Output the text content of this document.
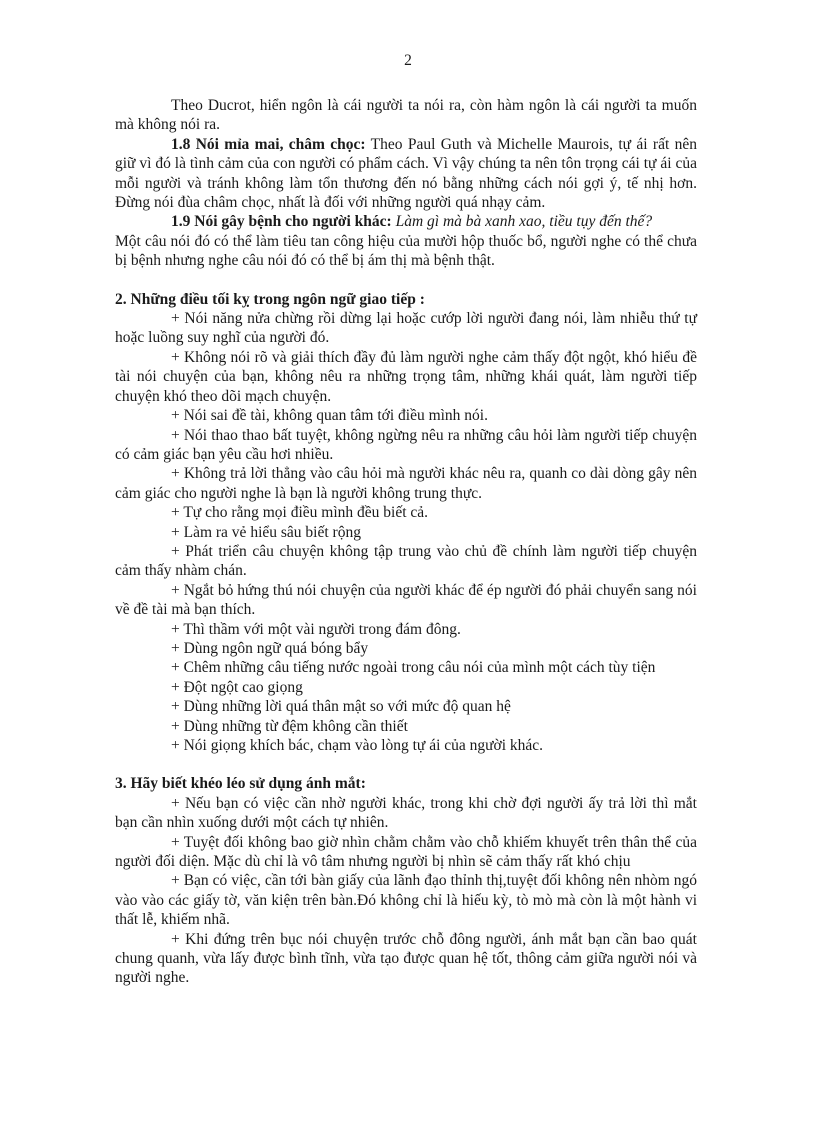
2

Theo Ducrot, hiển ngôn là cái người ta nói ra, còn hàm ngôn là cái người ta muốn mà không nói ra.

1.8 Nói mỉa mai, châm chọc: Theo Paul Guth và Michelle Maurois, tự ái rất nên giữ vì đó là tình cảm của con người có phẩm cách. Vì vậy chúng ta nên tôn trọng cái tự ái của mỗi người và tránh không làm tổn thương đến nó bằng những cách nói gợi ý, tế nhị hơn. Đừng nói đùa châm chọc, nhất là đối với những người quá nhạy cảm.

1.9 Nói gây bệnh cho người khác: Làm gì mà bà xanh xao, tiều tụy đến thế?

Một câu nói đó có thể làm tiêu tan công hiệu của mười hộp thuốc bổ, người nghe có thể chưa bị bệnh nhưng nghe câu nói đó có thể bị ám thị mà bệnh thật.

2. Những điều tối kỵ trong ngôn ngữ giao tiếp :

+ Nói năng nửa chừng rồi dừng lại hoặc cướp lời người đang nói, làm nhiễu thứ tự hoặc luồng suy nghĩ của người đó.
+ Không nói rõ và giải thích đầy đủ làm người nghe cảm thấy đột ngột, khó hiểu đề tài nói chuyện của bạn, không nêu ra những trọng tâm, những khái quát, làm người tiếp chuyện khó theo dõi mạch chuyện.
+ Nói sai đề tài, không quan tâm tới điều mình nói.
+ Nói thao thao bất tuyệt, không ngừng nêu ra những câu hỏi làm người tiếp chuyện có cảm giác bạn yêu cầu hơi nhiều.
+ Không trả lời thẳng vào câu hỏi mà người khác nêu ra, quanh co dài dòng gây nên cảm giác cho người nghe là bạn là người không trung thực.
+ Tự cho rằng mọi điều mình đều biết cả.
+ Làm ra vẻ hiểu sâu biết rộng
+ Phát triển câu chuyện không tập trung vào chủ đề chính làm người tiếp chuyện cảm thấy nhàm chán.
+ Ngắt bỏ hứng thú nói chuyện của người khác để ép người đó phải chuyển sang nói về đề tài mà bạn thích.
+ Thì thầm với một vài người trong đám đông.
+ Dùng ngôn ngữ quá bóng bẩy
+ Chêm những câu tiếng nước ngoài trong câu nói của mình một cách tùy tiện
+ Đột ngột cao giọng
+ Dùng những lời quá thân mật so với mức độ quan hệ
+ Dùng những từ đệm không cần thiết
+ Nói giọng khích bác, chạm vào lòng tự ái của người khác.

3. Hãy biết khéo léo sử dụng ánh mắt:

+ Nếu bạn có việc cần nhờ người khác, trong khi chờ đợi người ấy trả lời thì mắt bạn cần nhìn xuống dưới một cách tự nhiên.
+ Tuyệt đối không bao giờ nhìn chằm chằm vào chỗ khiếm khuyết trên thân thể của người đối diện. Mặc dù chỉ là vô tâm nhưng người bị nhìn sẽ cảm thấy rất khó chịu
+ Bạn có việc, cần tới bàn giấy của lãnh đạo thỉnh thị,tuyệt đối không nên nhòm ngó vào vào các giấy tờ, văn kiện trên bàn.Đó không chỉ là hiếu kỳ, tò mò mà còn là một hành vi thất lễ, khiếm nhã.
+ Khi đứng trên bục nói chuyện trước chỗ đông người, ánh mắt bạn cần bao quát chung quanh, vừa lấy được bình tĩnh, vừa tạo được quan hệ tốt, thông cảm giữa người nói và người nghe.
